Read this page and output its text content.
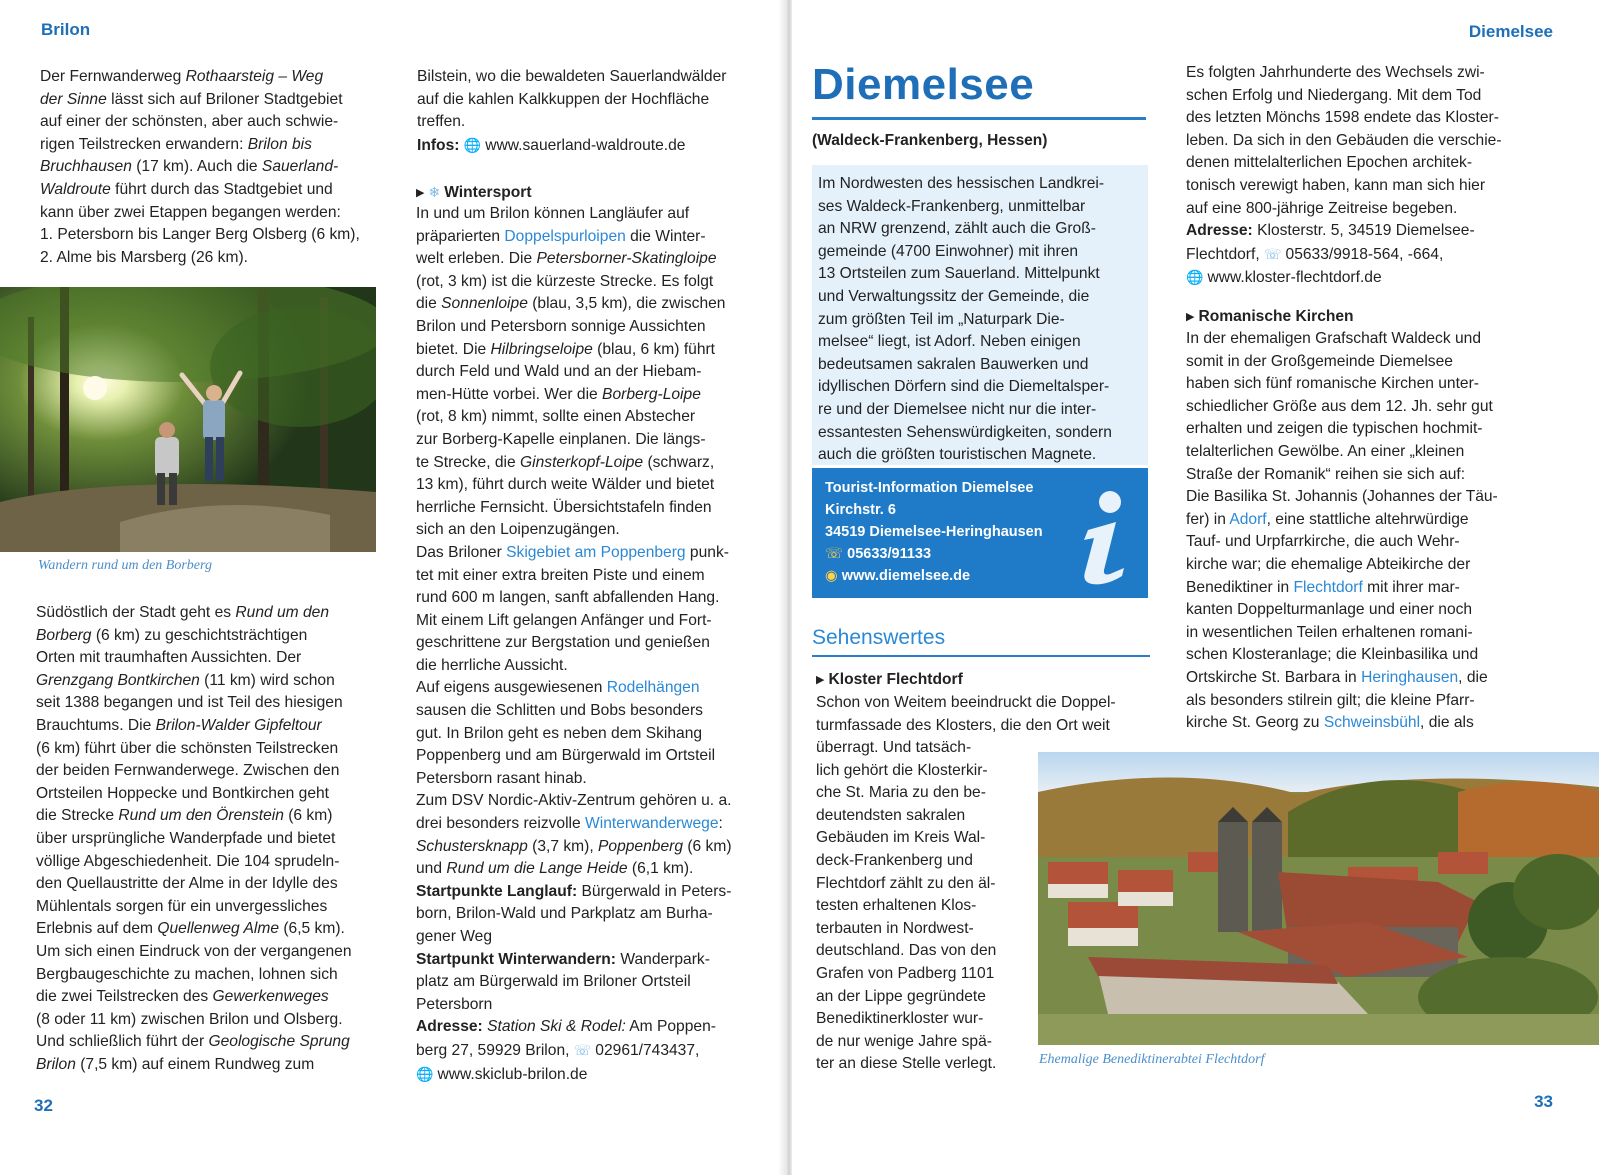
Brilon

Der Fernwanderweg Rothaarsteig – Weg

der Sinne lässt sich auf Briloner Stadtgebiet

auf einer der schönsten, aber auch schwie-

rigen Teilstrecken erwandern: Brilon bis

Bruchhausen (17 km). Auch die Sauerland-

Waldroute führt durch das Stadtgebiet und

kann über zwei Etappen begangen werden:

1. Petersborn bis Langer Berg Olsberg (6 km),

2. Alme bis Marsberg (26 km).

Wandern rund um den Borberg

Südöstlich der Stadt geht es Rund um den

Borberg (6 km) zu geschichtsträchtigen

Orten mit traumhaften Aussichten. Der

Grenzgang Bontkirchen (11 km) wird schon

seit 1388 begangen und ist Teil des hiesigen

Brauchtums. Die Brilon-Walder Gipfeltour

(6 km) führt über die schönsten Teilstrecken

der beiden Fernwanderwege. Zwischen den

Ortsteilen Hoppecke und Bontkirchen geht

die Strecke Rund um den Örenstein (6 km)

über ursprüngliche Wanderpfade und bietet

völlige Abgeschiedenheit. Die 104 sprudeln-

den Quellaustritte der Alme in der Idylle des

Mühlentals sorgen für ein unvergessliches

Erlebnis auf dem Quellenweg Alme (6,5 km).

Um sich einen Eindruck von der vergangenen

Bergbaugeschichte zu machen, lohnen sich

die zwei Teilstrecken des Gewerkenweges

(8 oder 11 km) zwischen Brilon und Olsberg.

Und schließlich führt der Geologische Sprung

Brilon (7,5 km) auf einem Rundweg zum

Bilstein, wo die bewaldeten Sauerlandwälder

auf die kahlen Kalkkuppen der Hochfläche

treffen.

Infos: 🌐 www.sauerland-waldroute.de

▶ ❄ Wintersport

In und um Brilon können Langläufer auf

präparierten Doppelspurloipen die Winter-

welt erleben. Die Petersborner-Skatingloipe

(rot, 3 km) ist die kürzeste Strecke. Es folgt

die Sonnenloipe (blau, 3,5 km), die zwischen

Brilon und Petersborn sonnige Aussichten

bietet. Die Hilbringseloipe (blau, 6 km) führt

durch Feld und Wald und an der Hiebam-

men-Hütte vorbei. Wer die Borberg-Loipe

(rot, 8 km) nimmt, sollte einen Abstecher

zur Borberg-Kapelle einplanen. Die längs-

te Strecke, die Ginsterkopf-Loipe (schwarz,

13 km), führt durch weite Wälder und bietet

herrliche Fernsicht. Übersichtstafeln finden

sich an den Loipenzugängen.

Das Briloner Skigebiet am Poppenberg punk-

tet mit einer extra breiten Piste und einem

rund 600 m langen, sanft abfallenden Hang.

Mit einem Lift gelangen Anfänger und Fort-

geschrittene zur Bergstation und genießen

die herrliche Aussicht.

Auf eigens ausgewiesenen Rodelhängen

sausen die Schlitten und Bobs besonders

gut. In Brilon geht es neben dem Skihang

Poppenberg und am Bürgerwald im Ortsteil

Petersborn rasant hinab.

Zum DSV Nordic-Aktiv-Zentrum gehören u. a.

drei besonders reizvolle Winterwanderwege:

Schustersknapp (3,7 km), Poppenberg (6 km)

und Rund um die Lange Heide (6,1 km).

Startpunkte Langlauf: Bürgerwald in Peters-

born, Brilon-Wald und Parkplatz am Burha-

gener Weg

Startpunkt Winterwandern: Wanderpark-

platz am Bürgerwald im Briloner Ortsteil

Petersborn

Adresse: Station Ski & Rodel: Am Poppen-

berg 27, 59929 Brilon, ☏ 02961/743437,

🌐 www.skiclub-brilon.de

32
Diemelsee
Diemelsee
(Waldeck-Frankenberg, Hessen)

Im Nordwesten des hessischen Landkrei-

ses Waldeck-Frankenberg, unmittelbar

an NRW grenzend, zählt auch die Groß-

gemeinde (4700 Einwohner) mit ihren

13 Ortsteilen zum Sauerland. Mittelpunkt

und Verwaltungssitz der Gemeinde, die

zum größten Teil im „Naturpark Die-

melsee“ liegt, ist Adorf. Neben einigen

bedeutsamen sakralen Bauwerken und

idyllischen Dörfern sind die Diemeltalsper-

re und der Diemelsee nicht nur die inter-

essantesten Sehenswürdigkeiten, sondern

auch die größten touristischen Magnete.

Tourist-Information Diemelsee
Kirchstr. 6
34519 Diemelsee-Heringhausen
☏ 05633/91133
◉ www.diemelsee.de
Sehenswertes

▶ Kloster Flechtdorf

Schon von Weitem beeindruckt die Doppel-

turmfassade des Klosters, die den Ort weit

überragt. Und tatsäch-

lich gehört die Klosterkir-

che St. Maria zu den be-

deutendsten sakralen

Gebäuden im Kreis Wal-

deck-Frankenberg und

Flechtdorf zählt zu den äl-

testen erhaltenen Klos-

terbauten in Nordwest-

deutschland. Das von den

Grafen von Padberg 1101

an der Lippe gegründete

Benediktinerkloster wur-

de nur wenige Jahre spä-

ter an diese Stelle verlegt.	Ehemalige Benediktinerabtei Flechtdorf

Es folgten Jahrhunderte des Wechsels zwi-

schen Erfolg und Niedergang. Mit dem Tod

des letzten Mönchs 1598 endete das Kloster-

leben. Da sich in den Gebäuden die verschie-

denen mittelalterlichen Epochen architek-

tonisch verewigt haben, kann man sich hier

auf eine 800-jährige Zeitreise begeben.

Adresse: Klosterstr. 5, 34519 Diemelsee-

Flechtdorf, ☏ 05633/9918-564, -664,

🌐 www.kloster-flechtdorf.de

▶ Romanische Kirchen

In der ehemaligen Grafschaft Waldeck und

somit in der Großgemeinde Diemelsee

haben sich fünf romanische Kirchen unter-

schiedlicher Größe aus dem 12. Jh. sehr gut

erhalten und zeigen die typischen hochmit-

telalterlichen Gewölbe. An einer „kleinen

Straße der Romanik“ reihen sie sich auf:

Die Basilika St. Johannis (Johannes der Täu-

fer) in Adorf, eine stattliche altehrwürdige

Tauf- und Urpfarrkirche, die auch Wehr-

kirche war; die ehemalige Abteikirche der

Benediktiner in Flechtdorf mit ihrer mar-

kanten Doppelturmanlage und einer noch

in wesentlichen Teilen erhaltenen romani-

schen Klosteranlage; die Kleinbasilika und

Ortskirche St. Barbara in Heringhausen, die

als besonders stilrein gilt; die kleine Pfarr-

kirche St. Georg zu Schweinsbühl, die als

33
